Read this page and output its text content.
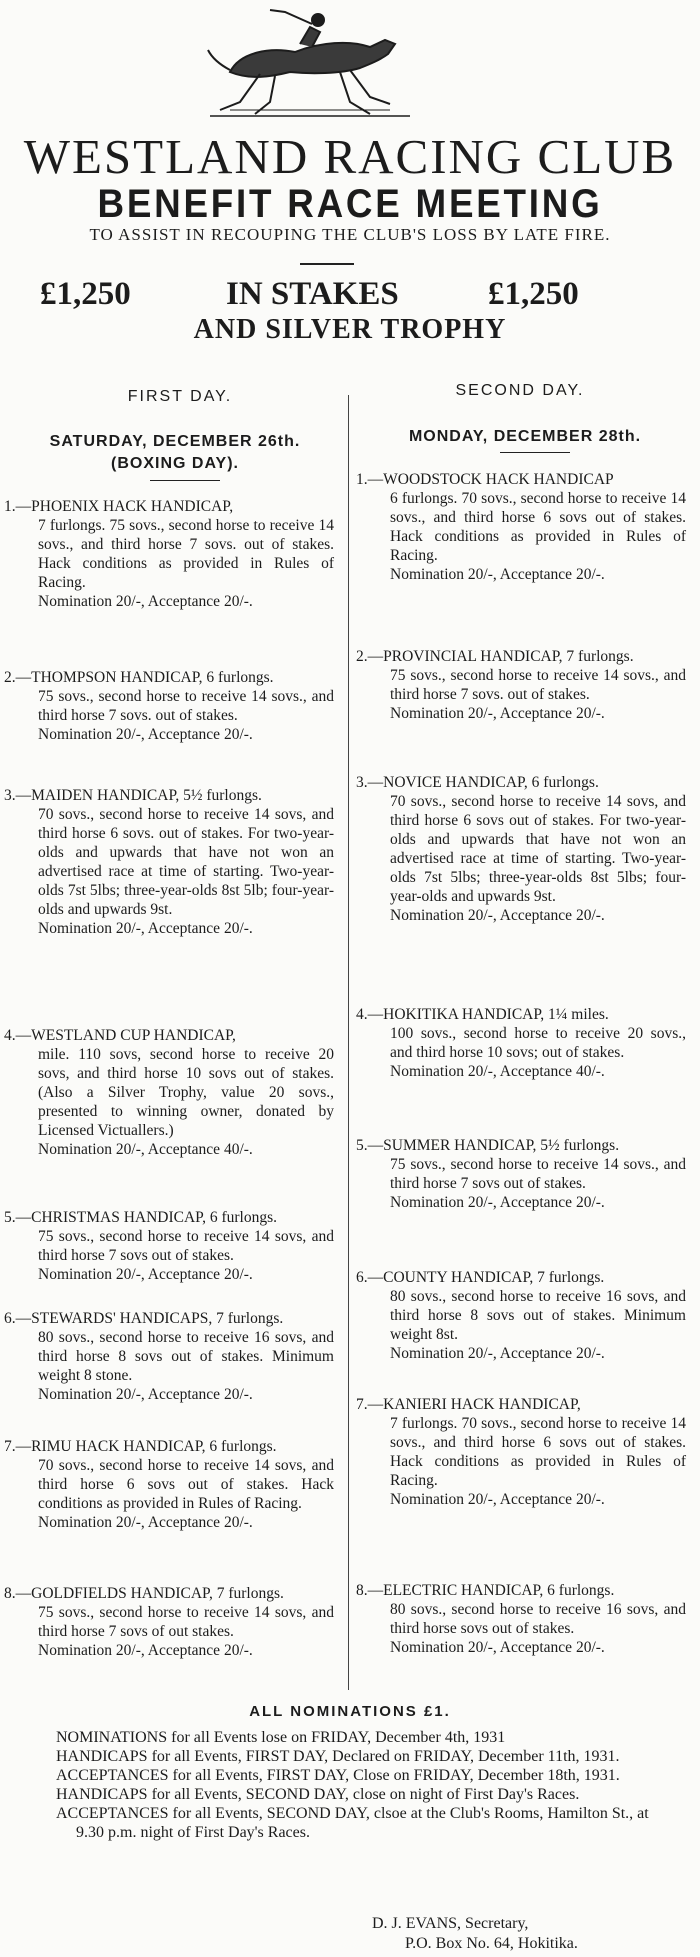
WESTLAND RACING CLUB
BENEFIT RACE MEETING
TO ASSIST IN RECOUPING THE CLUB'S LOSS BY LATE FIRE.
£1,250	IN STAKES	£1,250
AND SILVER TROPHY
FIRST DAY.
SATURDAY, DECEMBER 26th.
(BOXING DAY).
SECOND DAY.
MONDAY, DECEMBER 28th.
1.—PHOENIX HACK HANDICAP,
7 furlongs. 75 sovs., second horse to receive 14 sovs., and third horse 7 sovs. out of stakes. Hack conditions as provided in Rules of Racing.
Nomination 20/-, Acceptance 20/-.
2.—THOMPSON HANDICAP, 6 furlongs.
75 sovs., second horse to receive 14 sovs., and third horse 7 sovs. out of stakes.
Nomination 20/-, Acceptance 20/-.
3.—MAIDEN HANDICAP, 5½ furlongs.
70 sovs., second horse to receive 14 sovs, and third horse 6 sovs. out of stakes. For two-year-olds and upwards that have not won an advertised race at time of starting. Two-year-olds 7st 5lbs; three-year-olds 8st 5lb; four-year-olds and upwards 9st.
Nomination 20/-, Acceptance 20/-.
4.—WESTLAND CUP HANDICAP,
mile. 110 sovs, second horse to receive 20 sovs, and third horse 10 sovs out of stakes. (Also a Silver Trophy, value 20 sovs., presented to winning owner, donated by Licensed Victuallers.)
Nomination 20/-, Acceptance 40/-.
5.—CHRISTMAS HANDICAP, 6 furlongs.
75 sovs., second horse to receive 14 sovs, and third horse 7 sovs out of stakes.
Nomination 20/-, Acceptance 20/-.
6.—STEWARDS' HANDICAPS, 7 furlongs.
80 sovs., second horse to receive 16 sovs, and third horse 8 sovs out of stakes. Minimum weight 8 stone.
Nomination 20/-, Acceptance 20/-.
7.—RIMU HACK HANDICAP, 6 furlongs.
70 sovs., second horse to receive 14 sovs, and third horse 6 sovs out of stakes. Hack conditions as provided in Rules of Racing.
Nomination 20/-, Acceptance 20/-.
8.—GOLDFIELDS HANDICAP, 7 furlongs.
75 sovs., second horse to receive 14 sovs, and third horse 7 sovs of out stakes.
Nomination 20/-, Acceptance 20/-.
1.—WOODSTOCK HACK HANDICAP
6 furlongs. 70 sovs., second horse to receive 14 sovs., and third horse 6 sovs out of stakes. Hack conditions as provided in Rules of Racing.
Nomination 20/-, Acceptance 20/-.
2.—PROVINCIAL HANDICAP, 7 furlongs.
75 sovs., second horse to receive 14 sovs., and third horse 7 sovs. out of stakes.
Nomination 20/-, Acceptance 20/-.
3.—NOVICE HANDICAP, 6 furlongs.
70 sovs., second horse to receive 14 sovs, and third horse 6 sovs out of stakes. For two-year-olds and upwards that have not won an advertised race at time of starting. Two-year-olds 7st 5lbs; three-year-olds 8st 5lbs; four-year-olds and upwards 9st.
Nomination 20/-, Acceptance 20/-.
4.—HOKITIKA HANDICAP, 1¼ miles.
100 sovs., second horse to receive 20 sovs., and third horse 10 sovs; out of stakes.
Nomination 20/-, Acceptance 40/-.
5.—SUMMER HANDICAP, 5½ furlongs.
75 sovs., second horse to receive 14 sovs., and third horse 7 sovs out of stakes.
Nomination 20/-, Acceptance 20/-.
6.—COUNTY HANDICAP, 7 furlongs.
80 sovs., second horse to receive 16 sovs, and third horse 8 sovs out of stakes. Minimum weight 8st.
Nomination 20/-, Acceptance 20/-.
7.—KANIERI HACK HANDICAP,
7 furlongs. 70 sovs., second horse to receive 14 sovs., and third horse 6 sovs out of stakes. Hack conditions as provided in Rules of Racing.
Nomination 20/-, Acceptance 20/-.
8.—ELECTRIC HANDICAP, 6 furlongs.
80 sovs., second horse to receive 16 sovs, and third horse sovs out of stakes.
Nomination 20/-, Acceptance 20/-.
ALL NOMINATIONS £1.

NOMINATIONS for all Events lose on FRIDAY, December 4th, 1931

HANDICAPS for all Events, FIRST DAY, Declared on FRIDAY, December 11th, 1931.

ACCEPTANCES for all Events, FIRST DAY, Close on FRIDAY, December 18th, 1931.

HANDICAPS for all Events, SECOND DAY, close on night of First Day's Races.

ACCEPTANCES for all Events, SECOND DAY, clsoe at the Club's Rooms, Hamilton St., at 9.30 p.m. night of First Day's Races.

D. J. EVANS, Secretary,
P.O. Box No. 64, Hokitika.
